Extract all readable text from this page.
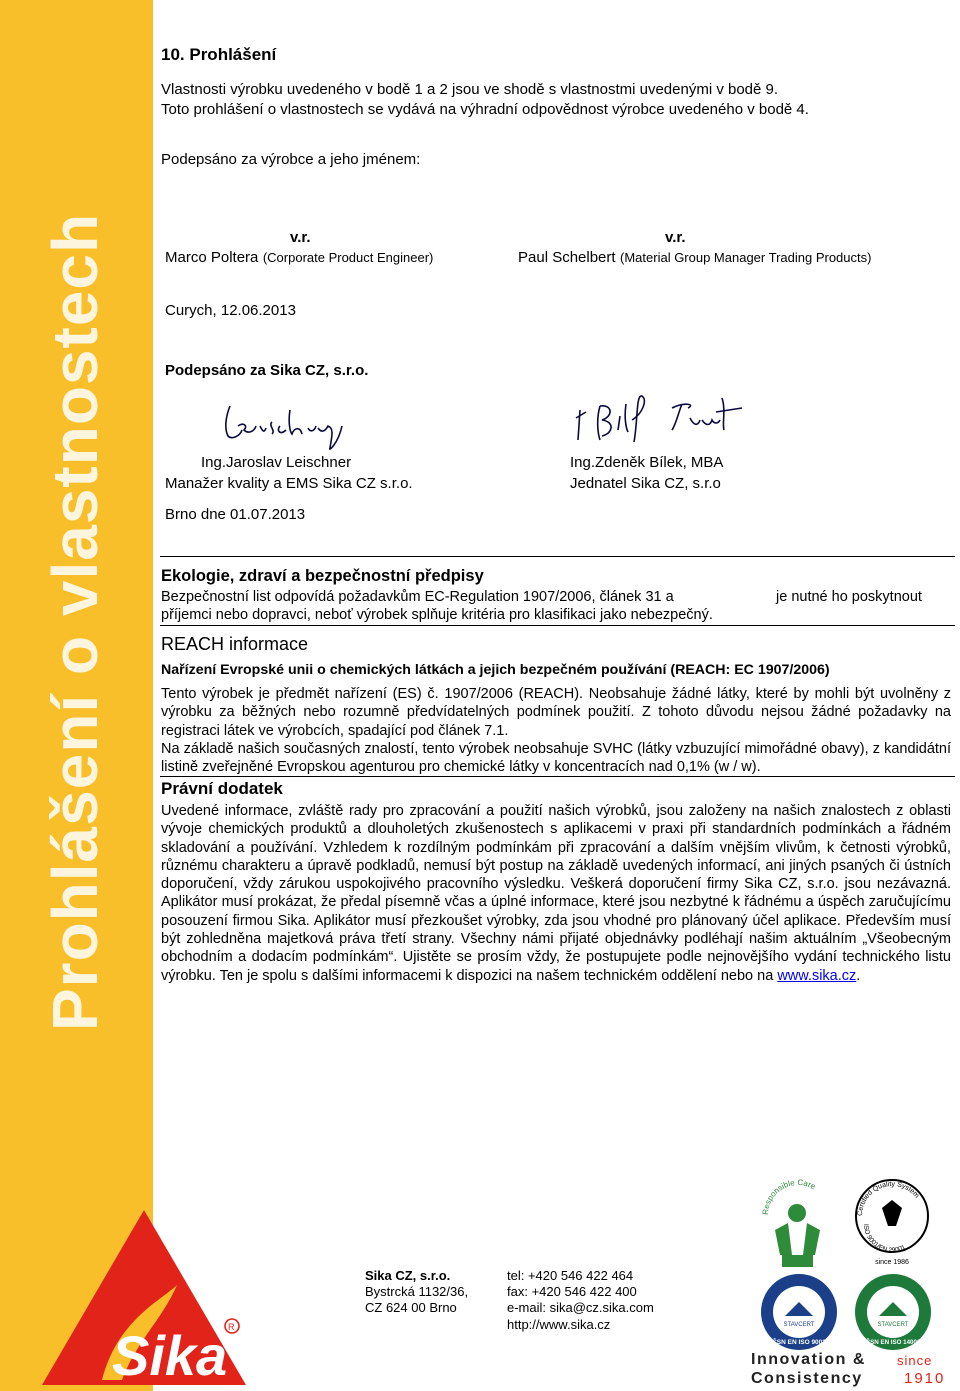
Prohlášení o vlastnostech
Sika R
10. Prohlášení
Vlastnosti výrobku uvedeného v bodě 1 a 2 jsou ve shodě s vlastnostmi uvedenými v bodě 9.
Toto prohlášení o vlastnostech se vydává na výhradní odpovědnost výrobce uvedeného v bodě 4.
Podepsáno za výrobce a jeho jménem:
v.r.
Marco Poltera (Corporate Product Engineer)
v.r.
Paul Schelbert (Material Group Manager Trading Products)
Curych, 12.06.2013
Podepsáno za Sika CZ, s.r.o.
Ing.Jaroslav Leischner
Manažer kvality a EMS Sika CZ s.r.o.
Ing.Zdeněk Bílek, MBA
Jednatel Sika CZ, s.r.o
Brno dne 01.07.2013
Ekologie, zdraví a bezpečnostní předpisy
Bezpečnostní list odpovídá požadavkům EC-Regulation 1907/2006, článek 31 a	je nutné ho poskytnout
příjemci nebo dopravci, neboť výrobek splňuje kritéria pro klasifikaci jako nebezpečný.
REACH informace
Nařízení Evropské unii o chemických látkách a jejich bezpečném používání (REACH: EC 1907/2006)

Tento výrobek je předmět nařízení (ES) č. 1907/2006 (REACH). Neobsahuje žádné látky, které by mohli být uvolněny z výrobku za běžných nebo rozumně předvídatelných podmínek použití. Z tohoto důvodu nejsou žádné požadavky na registraci látek ve výrobcích, spadající pod článek 7.1.

Na základě našich současných znalostí, tento výrobek neobsahuje SVHC (látky vzbuzující mimořádné obavy), z kandidátní listině zveřejněné Evropskou agenturou pro chemické látky v koncentracích nad 0,1% (w / w).

Právní dodatek

Uvedené informace, zvláště rady pro zpracování a použití našich výrobků, jsou založeny na našich znalostech z oblasti vývoje chemických produktů a dlouholetých zkušenostech s aplikacemi v praxi při standardních podmínkách a řádném skladování a používání. Vzhledem k rozdílným podmínkám při zpracování a dalším vnějším vlivům, k četnosti výrobků, různému charakteru a úpravě podkladů, nemusí být postup na základě uvedených informací, ani jiných psaných či ústních doporučení, vždy zárukou uspokojivého pracovního výsledku. Veškerá doporučení firmy Sika CZ, s.r.o. jsou nezávazná. Aplikátor musí prokázat, že předal písemně včas a úplné informace, které jsou nezbytné k řádnému a úspěch zaručujícímu posouzení firmou Sika. Aplikátor musí přezkoušet výrobky, zda jsou vhodné pro plánovaný účel aplikace. Především musí být zohledněna majetková práva třetí strany. Všechny námi přijaté objednávky podléhají našim aktuálním „Všeobecným obchodním a dodacím podmínkám“. Ujistěte se prosím vždy, že postupujete podle nejnovějšího vydání technického listu výrobku. Ten je spolu s dalšími informacemi k dispozici na našem technickém oddělení nebo na www.sika.cz.

Sika CZ, s.r.o.
Bystrcká 1132/36,
CZ 624 00 Brno
tel: +420 546 422 464
fax: +420 546 422 400
e-mail: sika@cz.sika.com
http://www.sika.cz
Responsible Care
Certified Quality System
ISO 9001/EN 29001
since 1986
STAVCERT
ČSN EN ISO 9001
STAVCERT
ČSN EN ISO 14001
Innovation &
Consistency
since
1910
